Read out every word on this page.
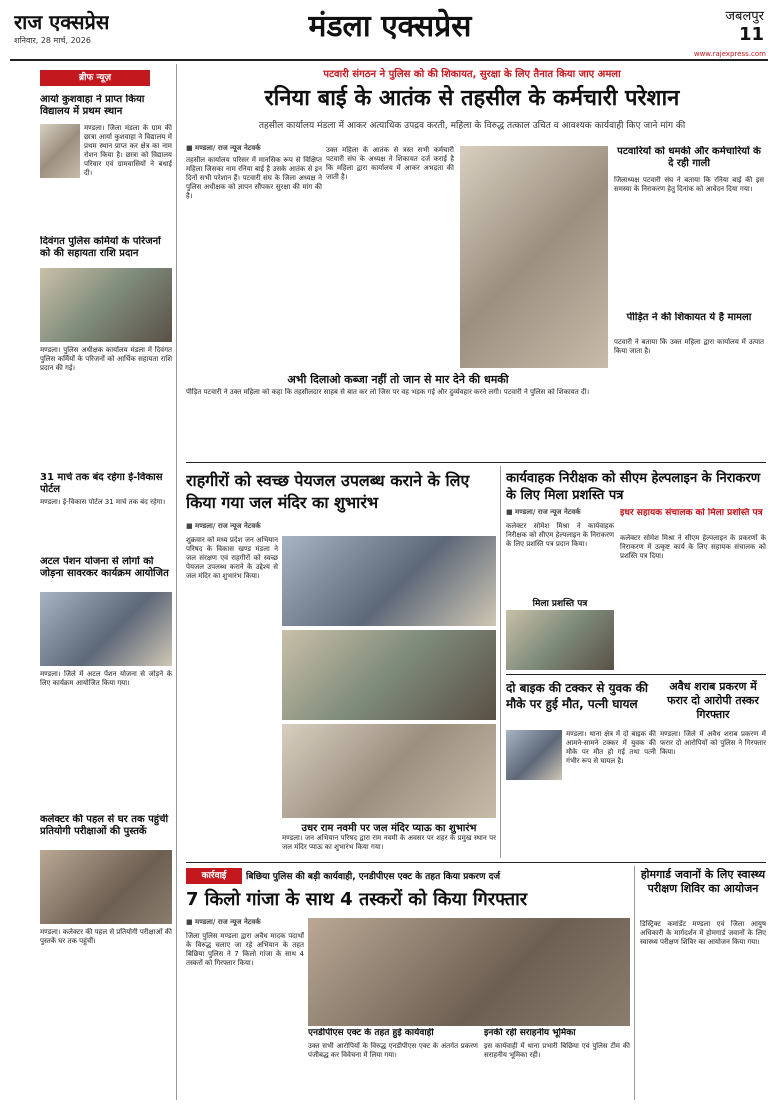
राज एक्सप्रेस
शनिवार, 28 मार्च, 2026	मंडला एक्सप्रेस	जबलपुर
11
www.rajexpress.com
ब्रीफ न्यूज़
आर्या कुशवाहा ने प्राप्त किया विद्यालय में प्रथम स्थान
मण्डला। जिला मंडला के ग्राम की छात्रा आर्या कुशवाहा ने विद्यालय में प्रथम स्थान प्राप्त कर क्षेत्र का नाम रोशन किया है। छात्रा को विद्यालय परिवार एवं ग्रामवासियों ने बधाई दी।
दिवंगत पुलिस कर्मियों के परिजनों को की सहायता राशि प्रदान
मण्डला। पुलिस अधीक्षक कार्यालय मंडला में दिवंगत पुलिस कर्मियों के परिजनों को आर्थिक सहायता राशि प्रदान की गई।
31 मार्च तक बंद रहेगा ई-विकास पोर्टल
मण्डला। ई-विकास पोर्टल 31 मार्च तक बंद रहेगा।
अटल पेंशन योजना से लोगों को जोड़ना सावरकर कार्यक्रम आयोजित
मण्डला। जिले में अटल पेंशन योजना से जोड़ने के लिए कार्यक्रम आयोजित किया गया।
कलेक्टर की पहल से घर तक पहुंची प्रतियोगी परीक्षाओं की पुस्तकें
मण्डला। कलेक्टर की पहल से प्रतियोगी परीक्षाओं की पुस्तकें घर तक पहुंचीं।
पटवारी संगठन ने पुलिस को की शिकायत, सुरक्षा के लिए तैनात किया जाए अमला
रनिया बाई के आतंक से तहसील के कर्मचारी परेशान
तहसील कार्यालय मंडला में आकर अत्याधिक उपद्रव करती, महिला के विरुद्ध तत्काल उचित व आवश्यक कार्यवाही किए जाने मांग की
■ मण्डला/ राज न्यूज नेटवर्क
तहसील कार्यालय परिसर में मानसिक रूप से विक्षिप्त महिला जिसका नाम रनिया बाई है उसके आतंक से इन दिनों सभी परेशान हैं। पटवारी संघ के जिला अध्यक्ष ने पुलिस अधीक्षक को ज्ञापन सौंपकर सुरक्षा की मांग की है।
उक्त महिला के आतंक से त्रस्त सभी कर्मचारी पटवारी संघ के अध्यक्ष ने शिकायत दर्ज कराई है कि महिला द्वारा कार्यालय में आकर अभद्रता की जाती है।
पटवारियों को धमकी और कर्मचारियों के दे रही गाली
जिलाध्यक्ष पटवारी संघ ने बताया कि रनिया बाई की इस समस्या के निराकरण हेतु दिनांक को आवेदन दिया गया।
पीड़ित ने की शिकायत ये है मामला
पटवारी ने बताया कि उक्त महिला द्वारा कार्यालय में उत्पात किया जाता है।
अभी दिलाओ कब्जा नहीं तो जान से मार देने की धमकी
पीड़ित पटवारी ने उक्त महिला को कहा कि तहसीलदार साहब से बात कर लो जिस पर वह भड़क गई और दुर्व्यवहार करने लगी। पटवारी ने पुलिस को शिकायत दी।
राहगीरों को स्वच्छ पेयजल उपलब्ध कराने के लिए किया गया जल मंदिर का शुभारंभ
■ मण्डला/ राज न्यूज नेटवर्क
शुक्रवार को मध्य प्रदेश जन अभियान परिषद के विकास खण्ड मंडला ने जल संरक्षण एवं राहगीरों को स्वच्छ पेयजल उपलब्ध कराने के उद्देश्य से जल मंदिर का शुभारंभ किया।
उधर राम नवमी पर जल मंदिर प्याऊ का शुभारंभ
मण्डला। जन अभियान परिषद द्वारा राम नवमी के अवसर पर शहर के प्रमुख स्थान पर जल मंदिर प्याऊ का शुभारंभ किया गया।
कार्यवाहक निरीक्षक को सीएम हेल्पलाइन के निराकरण के लिए मिला प्रशस्ति पत्र
■ मण्डला/ राज न्यूज नेटवर्क
कलेक्टर सोमेश मिश्रा ने कार्यवाहक निरीक्षक को सीएम हेल्पलाइन के निराकरण के लिए प्रशस्ति पत्र प्रदान किया।
मिला प्रशस्ति पत्र
इधर सहायक संचालक को मिला प्रशस्ति पत्र
कलेक्टर सोमेश मिश्रा ने सीएम हेल्पलाइन के प्रकरणों के निराकरण में उत्कृष्ट कार्य के लिए सहायक संचालक को प्रशस्ति पत्र दिया।
दो बाइक की टक्कर से युवक की मौके पर हुई मौत, पत्नी घायल
मण्डला। थाना क्षेत्र में दो बाइक की आमने-सामने टक्कर में युवक की मौके पर मौत हो गई तथा पत्नी गंभीर रूप से घायल है।
अवैध शराब प्रकरण में फरार दो आरोपी तस्कर गिरफ्तार
मण्डला। जिले में अवैध शराब प्रकरण में फरार दो आरोपियों को पुलिस ने गिरफ्तार किया।
कार्रवाई	बिछिया पुलिस की बड़ी कार्यवाही, एनडीपीएस एक्ट के तहत किया प्रकरण दर्ज
7 किलो गांजा के साथ 4 तस्करों को किया गिरफ्तार
■ मण्डला/ राज न्यूज नेटवर्क
जिला पुलिस मण्डला द्वारा अवैध मादक पदार्थों के विरुद्ध चलाए जा रहे अभियान के तहत बिछिया पुलिस ने 7 किलो गांजा के साथ 4 तस्करों को गिरफ्तार किया।
एनडीपीएस एक्ट के तहत हुई कार्यवाही
उक्त सभी आरोपियों के विरुद्ध एनडीपीएस एक्ट के अंतर्गत प्रकरण पंजीबद्ध कर विवेचना में लिया गया।
इनकी रही सराहनीय भूमिका
इस कार्यवाही में थाना प्रभारी बिछिया एवं पुलिस टीम की सराहनीय भूमिका रही।
होमगार्ड जवानों के लिए स्वास्थ्य परीक्षण शिविर का आयोजन
डिस्ट्रिक्ट कमांडेंट मण्डला एवं जिला आयुष अधिकारी के मार्गदर्शन में होमगार्ड जवानों के लिए स्वास्थ्य परीक्षण शिविर का आयोजन किया गया।
